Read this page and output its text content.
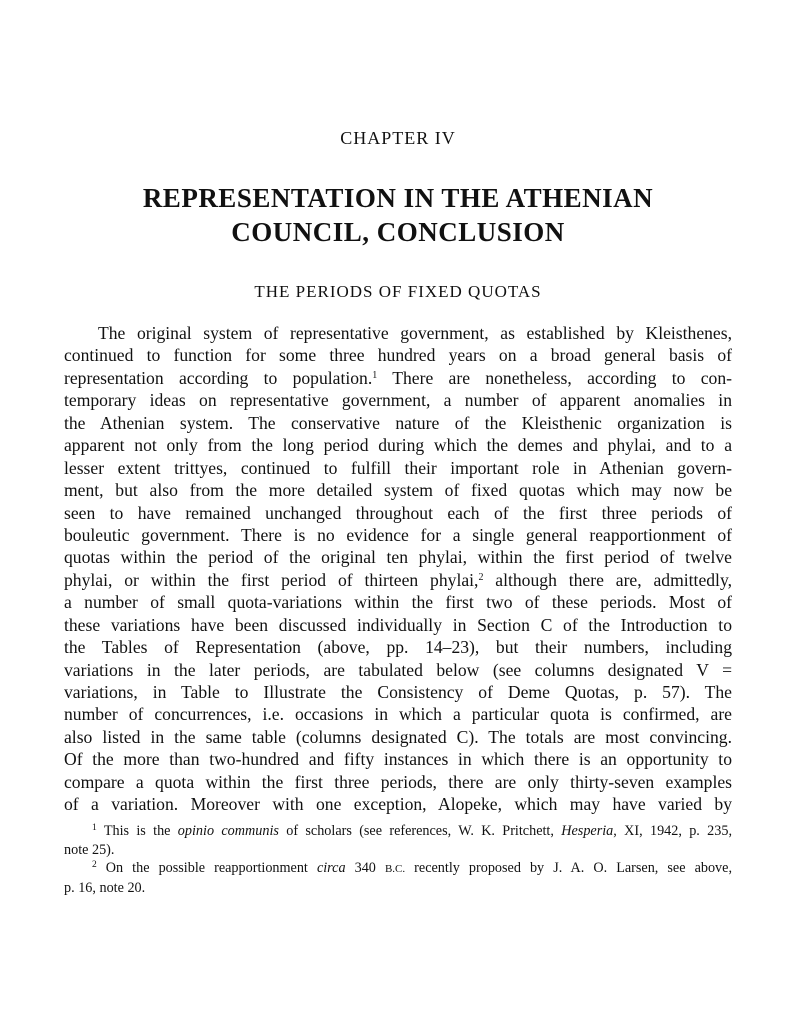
CHAPTER IV
REPRESENTATION IN THE ATHENIAN
COUNCIL, CONCLUSION
THE PERIODS OF FIXED QUOTAS
The original system of representative government, as established by Kleisthenes,
continued to function for some three hundred years on a broad general basis of
representation according to population.$^1$ There are nonetheless, according to con-
temporary ideas on representative government, a number of apparent anomalies in
the Athenian system. The conservative nature of the Kleisthenic organization is
apparent not only from the long period during which the demes and phylai, and to a
lesser extent trittyes, continued to fulfill their important role in Athenian govern-
ment, but also from the more detailed system of fixed quotas which may now be
seen to have remained unchanged throughout each of the first three periods of
bouleutic government. There is no evidence for a single general reapportionment of
quotas within the period of the original ten phylai, within the first period of twelve
phylai, or within the first period of thirteen phylai,$^2$ although there are, admittedly,
a number of small quota-variations within the first two of these periods. Most of
these variations have been discussed individually in Section C of the Introduction to
the Tables of Representation (above, pp. 14–23), but their numbers, including
variations in the later periods, are tabulated below (see columns designated V =
variations, in Table to Illustrate the Consistency of Deme Quotas, p. 57). The
number of concurrences, i.e. occasions in which a particular quota is confirmed, are
also listed in the same table (columns designated C). The totals are most convincing.
Of the more than two-hundred and fifty instances in which there is an opportunity to
compare a quota within the first three periods, there are only thirty-seven examples
of a variation. Moreover with one exception, Alopeke, which may have varied by
$^1$ This is the opinio communis of scholars (see references, W. K. Pritchett, Hesperia, XI, 1942, p. 235,
note 25).
$^2$ On the possible reapportionment circa 340 B.C. recently proposed by J. A. O. Larsen, see above,
p. 16, note 20.
